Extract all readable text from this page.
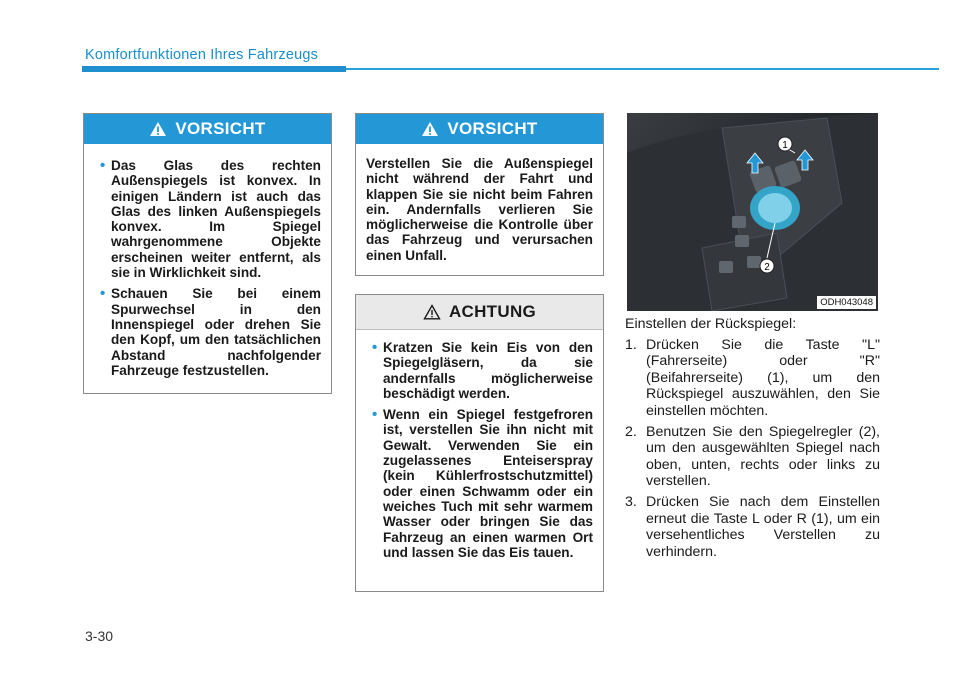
Komfortfunktionen Ihres Fahrzeugs
VORSICHT
• Das Glas des rechten Außenspiegels ist konvex. In einigen Ländern ist auch das Glas des linken Außenspiegels konvex. Im Spiegel wahrgenommene Objekte erscheinen weiter entfernt, als sie in Wirklichkeit sind.
• Schauen Sie bei einem Spurwechsel in den Innenspiegel oder drehen Sie den Kopf, um den tatsächlichen Abstand nachfolgender Fahrzeuge festzustellen.
VORSICHT

Verstellen Sie die Außenspiegel nicht während der Fahrt und klappen Sie sie nicht beim Fahren ein. Andernfalls verlieren Sie möglicherweise die Kontrolle über das Fahrzeug und verursachen einen Unfall.

ACHTUNG
• Kratzen Sie kein Eis von den Spiegelgläsern, da sie andernfalls möglicherweise beschädigt werden.
• Wenn ein Spiegel festgefroren ist, verstellen Sie ihn nicht mit Gewalt. Verwenden Sie ein zugelassenes Enteiserspray (kein Kühlerfrostschutzmittel) oder einen Schwamm oder ein weiches Tuch mit sehr warmem Wasser oder bringen Sie das Fahrzeug an einen warmen Ort und lassen Sie das Eis tauen.
1
2
ODH043048

Einstellen der Rückspiegel:

1. Drücken Sie die Taste "L" (Fahrerseite) oder "R" (Beifahrerseite) (1), um den Rückspiegel auszuwählen, den Sie einstellen möchten.
2. Benutzen Sie den Spiegelregler (2), um den ausgewählten Spiegel nach oben, unten, rechts oder links zu verstellen.
3. Drücken Sie nach dem Einstellen erneut die Taste L oder R (1), um ein versehentliches Verstellen zu verhindern.
3-30
